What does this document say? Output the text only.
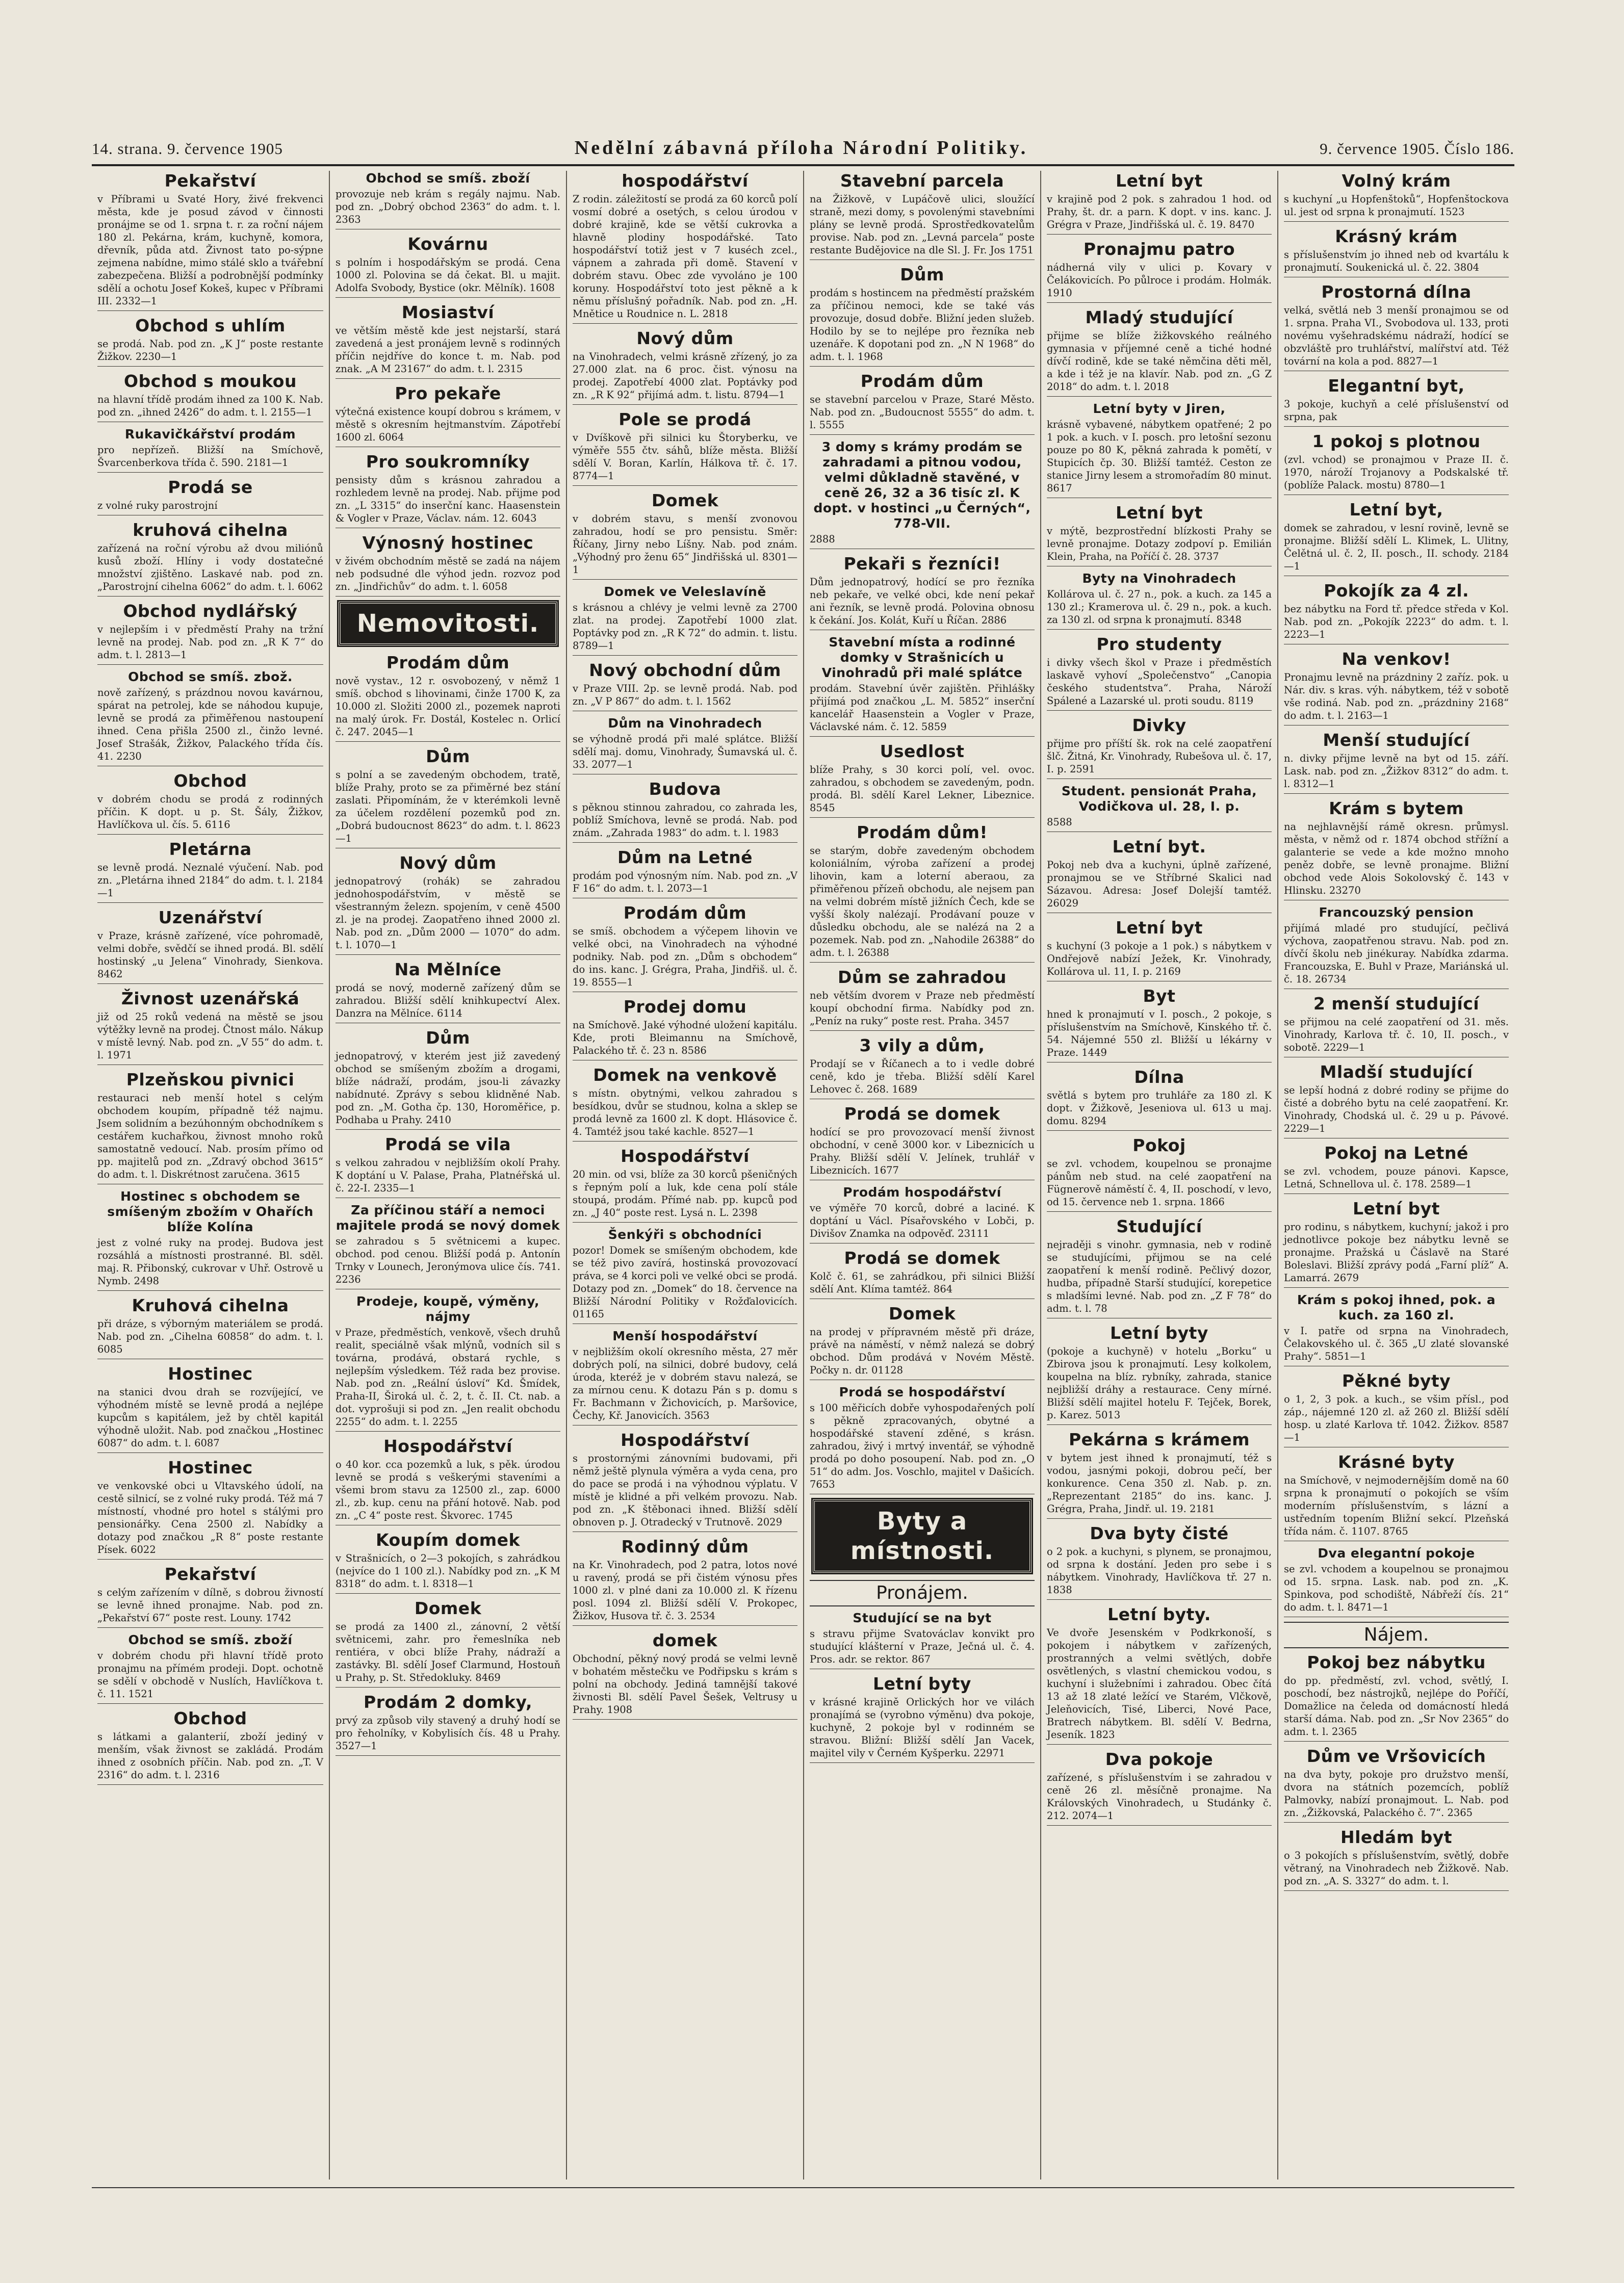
14. strana. 9. července 1905	Nedělní zábavná příloha Národní Politiky.	9. července 1905. Číslo 186.
Pekařství

v Příbrami u Svaté Hory, živé frekvenci města, kde je posud závod v činnosti pronájme se od 1. srpna t. r. za roční nájem 180 zl. Pekárna, krám, kuchyně, komora, dřevník, půda atd. Živnost tato po-sýpne zejmena nabídne, mimo stálé sklo a tvářební zabezpečena. Bližší a podrobnější podmínky sdělí a ochotu Josef Kokeš, kupec v Příbrami III. 2332—1

Obchod s uhlím

se prodá. Nab. pod zn. „K J“ poste restante Žižkov. 2230—1

Obchod s moukou

na hlavní třídě prodám ihned za 100 K. Nab. pod zn. „ihned 2426“ do adm. t. l. 2155—1

Rukavičkářství prodám

pro nepřízeň. Bližší na Smíchově, Švarcenberkova třída č. 590. 2181—1

Prodá se

z volné ruky parostrojní

kruhová cihelna

zařízená na roční výrobu až dvou miliónů kusů zboží. Hlíny i vody dostatečné množství zjištěno. Laskavé nab. pod zn. „Parostrojní cihelna 6062“ do adm. t. l. 6062

Obchod nydlářský

v nejlepším i v předměstí Prahy na tržní levně na prodej. Nab. pod zn. „R K 7“ do adm. t. l. 2813—1

Obchod se smíš. zbož.

nově zařízený, s prázdnou novou kavárnou, spárat na petrolej, kde se náhodou kupuje, levně se prodá za přiměřenou nastoupení ihned. Cena přišla 2500 zl., činžo levné. Josef Strašák, Žižkov, Palackého třída čís. 41. 2230

Obchod

v dobrém chodu se prodá z rodinných příčin. K dopt. u p. St. Šály, Žižkov, Havlíčkova ul. čís. 5. 6116

Pletárna

se levně prodá. Neznalé výučení. Nab. pod zn. „Pletárna ihned 2184“ do adm. t. l. 2184—1

Uzenářství

v Praze, krásně zařízené, více pohromadě, velmi dobře, svědčí se ihned prodá. Bl. sdělí hostinský „u Jelena“ Vinohrady, Sienkova. 8462

Živnost uzenářská

již od 25 roků vedená na městě se jsou výtěžky levně na prodej. Čtnost málo. Nákup v místě levný. Nab. pod zn. „V 55“ do adm. t. l. 1971

Plzeňskou pivnici

restauraci neb menší hotel s celým obchodem koupím, případně též najmu. Jsem solidním a bezúhonným obchodníkem s cestářem kuchařkou, živnost mnoho roků samostatně vedoucí. Nab. prosím přímo od pp. majitelů pod zn. „Zdravý obchod 3615“ do adm. t. l. Diskrétnost zaručena. 3615

Hostinec s obchodem se smíšeným zbožím v Ohařích blíže Kolína

jest z volné ruky na prodej. Budova jest rozsáhlá a místnosti prostranné. Bl. sděl. maj. R. Přibonský, cukrovar v Uhř. Ostrově u Nymb. 2498

Kruhová cihelna

při dráze, s výborným materiálem se prodá. Nab. pod zn. „Cihelna 60858“ do adm. t. l. 6085

Hostinec

na stanici dvou drah se rozvíjející, ve výhodném místě se levně prodá a nejlépe kupcům s kapitálem, jež by chtěl kapitál výhodně uložit. Nab. pod značkou „Hostinec 6087“ do adm. t. l. 6087

Hostinec

ve venkovské obci u Vltavského údolí, na cestě silnicí, se z volné ruky prodá. Též má 7 místností, vhodné pro hotel s stálými pro pensionářky. Cena 2500 zl. Nabídky a dotazy pod značkou „R 8“ poste restante Písek. 6022

Pekařství

s celým zařízením v dílně, s dobrou živností se levně ihned pronajme. Nab. pod zn. „Pekařství 67“ poste rest. Louny. 1742

Obchod se smíš. zboží

v dobrém chodu při hlavní třídě proto pronajmu na přímém prodeji. Dopt. ochotně se sdělí v obchodě v Nuslích, Havlíčkova t. č. 11. 1521

Obchod

s látkami a galanterií, zboží jediný v menším, však živnost se zakládá. Prodám ihned z osobních příčin. Nab. pod zn. „T. V 2316“ do adm. t. l. 2316

Obchod se smíš. zboží

provozuje neb krám s regály najmu. Nab. pod zn. „Dobrý obchod 2363“ do adm. t. l. 2363

Kovárnu

s polním i hospodářským se prodá. Cena 1000 zl. Polovina se dá čekat. Bl. u majit. Adolfa Svobody, Bystice (okr. Mělník). 1608

Mosiaství

ve větším městě kde jest nejstarší, stará zavedená a jest pronájem levně s rodinných příčin nejdříve do konce t. m. Nab. pod znak. „A M 23167“ do adm. t. l. 2315

Pro pekaře

výtečná existence koupí dobrou s krámem, v městě s okresním hejtmanstvím. Zápotřebí 1600 zl. 6064

Pro soukromníky

pensisty dům s krásnou zahradou a rozhledem levně na prodej. Nab. přijme pod zn. „L 3315“ do inserční kanc. Haasenstein & Vogler v Praze, Václav. nám. 12. 6043

Výnosný hostinec

v živém obchodním městě se zadá na nájem neb podsudné dle výhod jedn. rozvoz pod zn. „Jindřichův“ do adm. t. l. 6058

Nemovitosti.
Prodám dům

nově vystav., 12 r. osvobozený, v němž 1 smíš. obchod s lihovinami, činže 1700 K, za 10.000 zl. Složiti 2000 zl., pozemek naproti na malý úrok. Fr. Dostál, Kostelec n. Orlicí č. 247. 2045—1

Dům

s polní a se zavedeným obchodem, tratě, blíže Prahy, proto se za přiměrné bez stání zaslati. Připomínám, že v kterémkoli levně za účelem rozdělení pozemků pod zn. „Dobrá budoucnost 8623“ do adm. t. l. 8623—1

Nový dům

jednopatrový (rohák) se zahradou jednohospodářstvím, v městě se všestranným železn. spojením, v ceně 4500 zl. je na prodej. Zaopatřeno ihned 2000 zl. Nab. pod zn. „Dům 2000 — 1070“ do adm. t. l. 1070—1

Na Mělníce

prodá se nový, moderně zařízený dům se zahradou. Bližší sdělí knihkupectví Alex. Danzra na Mělníce. 6114

Dům

jednopatrový, v kterém jest již zavedený obchod se smíšeným zbožím a drogami, blíže nádraží, prodám, jsou-li závazky nabídnuté. Zprávy s sebou klidněné Nab. pod zn. „M. Gotha čp. 130, Horoměřice, p. Podhaba u Prahy. 2410

Prodá se vila

s velkou zahradou v nejbližším okolí Prahy. K doptání u V. Palase, Praha, Platnéřská ul. č. 22-I. 2335—1

Za příčinou stáří a nemoci majitele prodá se nový domek

se zahradou s 5 světnicemi a kupec. obchod. pod cenou. Bližší podá p. Antonín Trnky v Lounech, Jeronýmova ulice čís. 741. 2236

Prodeje, koupě, výměny, nájmy

v Praze, předměstích, venkově, všech druhů realit, speciálně však mlýnů, vodních sil s továrna, prodává, obstará rychle, s nejlepším výsledkem. Též rada bez provise. Nab. pod zn. „Reální úsloví“ Kd. Šmídek, Praha-II, Široká ul. č. 2, t. č. II. Ct. nab. a dot. vyprošuji si pod zn. „Jen realit obchodu 2255“ do adm. t. l. 2255

Hospodářství

o 40 kor. cca pozemků a luk, s pěk. úrodou levně se prodá s veškerými staveními a všemi brom stavu za 12500 zl., zap. 6000 zl., zb. kup. cenu na přání hotově. Nab. pod zn. „C 4“ poste rest. Škvorec. 1745

Koupím domek

v Strašnicích, o 2—3 pokojích, s zahrádkou (nejvíce do 1 100 zl.). Nabídky pod zn. „K M 8318“ do adm. t. l. 8318—1

Domek

se prodá za 1400 zl., zánovní, 2 větší světnicemi, zahr. pro řemeslníka neb rentiéra, v obci blíže Prahy, nádraží a zastávky. Bl. sdělí Josef Clarmund, Hostouň u Prahy, p. St. Středokluky. 8469

Prodám 2 domky,

prvý za způsob vily stavený a druhý hodí se pro řeholníky, v Kobylisích čís. 48 u Prahy. 3527—1

hospodářství

Z rodin. záležitostí se prodá za 60 korců polí vosmí dobré a osetých, s celou úrodou v dobré krajině, kde se větší cukrovka a hlavně plodiny hospodářské. Tato hospodářství totiž jest v 7 kuséch zcel., vápnem a zahrada při domě. Stavení v dobrém stavu. Obec zde vyvoláno je 100 koruny. Hospodářství toto jest pěkně a k němu příslušný pořadník. Nab. pod zn. „H. Mnětice u Roudnice n. L. 2818

Nový dům

na Vinohradech, velmi krásně zřízený, jo za 27.000 zlat. na 6 proc. čist. výnosu na prodej. Zapotřebí 4000 zlat. Poptávky pod zn. „R K 92“ přijímá adm. t. listu. 8794—1

Pole se prodá

v Dvíškově při silnici ku Štoryberku, ve výměře 555 čtv. sáhů, blíže města. Bližší sdělí V. Boran, Karlín, Hálkova tř. č. 17. 8774—1

Domek

v dobrém stavu, s menší zvonovou zahradou, hodí se pro pensistu. Směr: Říčany, Jirny nebo Líšny. Nab. pod znám. „Výhodný pro ženu 65“ Jindřišská ul. 8301—1

Domek ve Veleslavíně

s krásnou a chlévy je velmi levně za 2700 zlat. na prodej. Zapotřebí 1000 zlat. Poptávky pod zn. „R K 72“ do admin. t. listu. 8789—1

Nový obchodní dům

v Praze VIII. 2p. se levně prodá. Nab. pod zn. „V P 867“ do adm. t. l. 1562

Dům na Vinohradech

se výhodně prodá při malé splátce. Bližší sdělí maj. domu, Vinohrady, Šumavská ul. č. 33. 2077—1

Budova

s pěknou stinnou zahradou, co zahrada les, poblíž Smíchova, levně se prodá. Nab. pod znám. „Zahrada 1983“ do adm. t. l. 1983

Dům na Letné

prodám pod výnosným ním. Nab. pod zn. „V F 16“ do adm. t. l. 2073—1

Prodám dům

se smíš. obchodem a výčepem lihovin ve velké obci, na Vinohradech na výhodné podniky. Nab. pod zn. „Dům s obchodem“ do ins. kanc. J. Grégra, Praha, Jindřiš. ul. č. 19. 8555—1

Prodej domu

na Smíchově. Jaké výhodné uložení kapitálu. Kde, proti Bleimannu na Smíchově, Palackého tř. č. 23 n. 8586

Domek na venkově

s místn. obytnými, velkou zahradou s besídkou, dvůr se studnou, kolna a sklep se prodá levně za 1600 zl. K dopt. Hlásovice č. 4. Tamtéž jsou také kachle. 8527—1

Hospodářství

20 min. od vsi, blíže za 30 korců pšeničných s řepným polí a luk, kde cena polí stále stoupá, prodám. Přímé nab. pp. kupců pod zn. „J 40“ poste rest. Lysá n. L. 2398

Šenkýři s obchodníci

pozor! Domek se smíšeným obchodem, kde se též pivo zavírá, hostinská provozovací práva, se 4 korci poli ve velké obci se prodá. Dotazy pod zn. „Domek“ do 18. července na Bližší Národní Politiky v Rožďalovicích. 01165

Menší hospodářství

v nejbližším okolí okresního města, 27 měr dobrých polí, na silnici, dobré budovy, celá úroda, kteréž je v dobrém stavu nalezá, se za mírnou cenu. K dotazu Pán s p. domu s Fr. Bachmann v Žichovicích, p. Maršovice, Čechy, Kř. Janovicích. 3563

Hospodářství

s prostornými zánovními budovami, při němž ještě plynula výměra a vyda cena, pro do pace se prodá i na výhodnou výplatu. V místě je klidné a při velkém provozu. Nab. pod zn. „K štěbonaci ihned. Bližší sdělí obnoven p. J. Otradecký v Trutnově. 2029

Rodinný dům

na Kr. Vinohradech, pod 2 patra, lotos nové u ravený, prodá se při čistém výnosu přes 1000 zl. v plné dani za 10.000 zl. K řízenu posl. 1094 zl. Bližší sdělí V. Prokopec, Žižkov, Husova tř. č. 3. 2534

domek

Obchodní, pěkný nový prodá se velmi levně v bohatém městečku ve Podřipsku s krám s polní na obchody. Jediná tamnější takové živnosti Bl. sdělí Pavel Šešek, Veltrusy u Prahy. 1908

Stavební parcela

na Žižkově, v Lupáčově ulici, sloužící straně, mezi domy, s povolenými stavebními plány se levně prodá. Sprostředkovatelům provise. Nab. pod zn. „Levná parcela“ poste restante Budějovice na dle Sl. J. Fr. Jos 1751

Dům

prodám s hostincem na předměstí pražském za příčinou nemoci, kde se také vás provozuje, dosud dobře. Bližní jeden služeb. Hodilo by se to nejlépe pro řezníka neb uzenáře. K dopotani pod zn. „N N 1968“ do adm. t. l. 1968

Prodám dům

se stavební parcelou v Praze, Staré Město. Nab. pod zn. „Budoucnost 5555“ do adm. t. l. 5555

3 domy s krámy prodám se zahradami a pitnou vodou, velmi důkladně stavěné, v ceně 26, 32 a 36 tisíc zl. K dopt. v hostinci „u Černých“, 778-VII.

2888

Pekaři s řezníci!

Dům jednopatrový, hodící se pro řezníka neb pekaře, ve velké obci, kde není pekař ani řezník, se levně prodá. Polovina obnosu k čekání. Jos. Kolát, Kuří u Říčan. 2886

Stavební místa a rodinné domky v Strašnicích u Vinohradů při malé splátce

prodám. Stavební úvěr zajištěn. Přihlášky přijímá pod značkou „L. M. 5852“ inserční kancelář Haasenstein a Vogler v Praze, Václavské nám. č. 12. 5859

Usedlost

blíže Prahy, s 30 korci polí, vel. ovoc. zahradou, s obchodem se zavedeným, podn. prodá. Bl. sdělí Karel Lekner, Libeznice. 8545

Prodám dům!

se starým, dobře zavedeným obchodem koloniálním, výroba zařízení a prodej lihovin, kam a loterní aberaou, za přiměřenou přízeň obchodu, ale nejsem pan na velmi dobrém místě jižních Čech, kde se vyšší školy nalézají. Prodávaní pouze v důsledku obchodu, ale se nalézá na 2 a pozemek. Nab. pod zn. „Nahodile 26388“ do adm. t. l. 26388

Dům se zahradou

neb větším dvorem v Praze neb předměstí koupí obchodní firma. Nabídky pod zn. „Peníz na ruky“ poste rest. Praha. 3457

3 vily a dům,

Prodají se v Říčanech a to i vedle dobré ceně, kdo je třeba. Bližší sdělí Karel Lehovec č. 268. 1689

Prodá se domek

hodící se pro provozovací menší živnost obchodní, v ceně 3000 kor. v Libeznicích u Prahy. Bližší sdělí V. Jelínek, truhlář v Libeznicích. 1677

Prodám hospodářství

ve výměře 70 korců, dobré a laciné. K doptání u Václ. Písařovského v Lobči, p. Divišov Znamka na odpověď. 23111

Prodá se domek

Kolč č. 61, se zahrádkou, při silnici Bližší sdělí Ant. Klíma tamtéž. 864

Domek

na prodej v přípravném městě při dráze, právě na náměstí, v němž nalezá se dobrý obchod. Dům prodává v Novém Městě. Počky n. dr. 01128

Prodá se hospodářství

s 100 měřicích dobře vyhospodařených polí s pěkně zpracovaných, obytné a hospodářské stavení zděné, s krásn. zahradou, živý i mrtvý inventář, se výhodně prodá po doho posoupení. Nab. pod zn. „O 51“ do adm. Jos. Voschlo, majitel v Dašicích. 7653

Byty a místnosti.
Pronájem.
Studující se na byt

s stravu přijme Svatováclav konvikt pro studující klášterní v Praze, Ječná ul. č. 4. Pros. adr. se rektor. 867

Letní byty

v krásné krajině Orlických hor ve vilách pronajímá se (vyrobno výměnu) dva pokoje, kuchyně, 2 pokoje byl v rodinném se stravou. Bližní: Bližší sdělí Jan Vacek, majitel vily v Černém Kyšperku. 22971

Letní byt

v krajině pod 2 pok. s zahradou 1 hod. od Prahy, št. dr. a parn. K dopt. v ins. kanc. J. Grégra v Praze, Jindřišská ul. č. 19. 8470

Pronajmu patro

nádherná vily v ulici p. Kovary v Čelákovicích. Po půlroce i prodám. Holmák. 1910

Mladý studující

přijme se blíže žižkovského reálného gymnasia v příjemné ceně a tiché hodné dívčí rodině, kde se také němčina děti měl, a kde i též je na klavír. Nab. pod zn. „G Z 2018“ do adm. t. l. 2018

Letní byty v Jiren,

krásně vybavené, nábytkem opatřené; 2 po 1 pok. a kuch. v I. posch. pro letošní sezonu pouze po 80 K, pěkná zahrada k pomětí, v Stupicích čp. 30. Bližší tamtéž. Ceston ze stanice Jirny lesem a stromořadím 80 minut. 8617

Letní byt

v mýtě, bezprostřední blízkosti Prahy se levně pronajme. Dotazy zodpoví p. Emilián Klein, Praha, na Poříčí č. 28. 3737

Byty na Vinohradech

Kollárova ul. č. 27 n., pok. a kuch. za 145 a 130 zl.; Kramerova ul. č. 29 n., pok. a kuch. za 130 zl. od srpna k pronajmutí. 8348

Pro studenty

i divky všech škol v Praze i předměstích laskavě vyhoví „Společenstvo“ „Canopia českého studentstva“. Praha, Nároží Spálené a Lazarské ul. proti soudu. 8119

Divky

přijme pro příští šk. rok na celé zaopatření šlč. Žitná, Kr. Vinohrady, Rubešova ul. č. 17, I. p. 2591

Student. pensionát Praha, Vodičkova ul. 28, I. p.

8588

Letní byt.

Pokoj neb dva a kuchyni, úplně zařízené, pronajmou se ve Stříbrné Skalici nad Sázavou. Adresa: Josef Dolejší tamtéž. 26029

Letní byt

s kuchyní (3 pokoje a 1 pok.) s nábytkem v Ondřejově nabízí Ježek, Kr. Vinohrady, Kollárova ul. 11, I. p. 2169

Byt

hned k pronajmutí v I. posch., 2 pokoje, s příslušenstvím na Smíchově, Kinského tř. č. 54. Nájemné 550 zl. Bližší u lékárny v Praze. 1449

Dílna

světlá s bytem pro truhláře za 180 zl. K dopt. v Žižkově, Jeseniova ul. 613 u maj. domu. 8294

Pokoj

se zvl. vchodem, koupelnou se pronajme pánům neb stud. na celé zaopatření na Fügnerově náměstí č. 4, II. poschodí, v levo, od 15. července neb 1. srpna. 1866

Studující

nejraději s vinohr. gymnasia, neb v rodině se studujícími, přijmou se na celé zaopatření k menší rodině. Pečlivý dozor, hudba, případně Starší studující, korepetice s mladšími levné. Nab. pod zn. „Z F 78“ do adm. t. l. 78

Letní byty

(pokoje a kuchyně) v hotelu „Borku“ u Zbirova jsou k pronajmutí. Lesy kolkolem, koupelna na blíz. rybníky, zahrada, stanice nejbližší dráhy a restaurace. Ceny mírné. Bližší sdělí majitel hotelu F. Tejček, Borek, p. Karez. 5013

Pekárna s krámem

v bytem jest ihned k pronajmutí, též s vodou, jasnými pokoji, dobrou pečí, ber konkurence. Cena 350 zl. Nab. p. zn. „Reprezentant 2185“ do ins. kanc. J. Grégra, Praha, Jindř. ul. 19. 2181

Dva byty čisté

o 2 pok. a kuchyni, s plynem, se pronajmou, od srpna k dostání. Jeden pro sebe i s nábytkem. Vinohrady, Havlíčkova tř. 27 n. 1838

Letní byty.

Ve dvoře Jesenském v Podkrkonoší, s pokojem i nábytkem v zařízených, prostranných a velmi světlých, dobře osvětlených, s vlastní chemickou vodou, s kuchyní i služebními i zahradou. Obec čítá 13 až 18 zlaté ležící ve Starém, Vlčkově, Jeleňovicích, Tisé, Liberci, Nové Pace, Bratrech nábytkem. Bl. sdělí V. Bedrna, Jeseník. 1823

Dva pokoje

zařízené, s příslušenstvím i se zahradou v ceně 26 zl. měsíčně pronajme. Na Královských Vinohradech, u Studánky č. 212. 2074—1

Volný krám

s kuchyní „u Hopfenštoků“, Hopfenštockova ul. jest od srpna k pronajmutí. 1523

Krásný krám

s příslušenstvím jo ihned neb od kvartálu k pronajmutí. Soukenická ul. č. 22. 3804

Prostorná dílna

velká, světlá neb 3 menší pronajmou se od 1. srpna. Praha VI., Svobodova ul. 133, proti novému vyšehradskému nádraží, hodící se obzvláště pro truhlářství, malířství atd. Též tovární na kola a pod. 8827—1

Elegantní byt,

3 pokoje, kuchyň a celé příslušenství od srpna, pak

1 pokoj s plotnou

(zvl. vchod) se pronajmou v Praze II. č. 1970, nároží Trojanovy a Podskalské tř. (poblíže Palack. mostu) 8780—1

Letní byt,

domek se zahradou, v lesní rovině, levně se pronajme. Bližší sdělí L. Klimek, L. Ulitny, Čelětná ul. č. 2, II. posch., II. schody. 2184—1

Pokojík za 4 zl.

bez nábytku na Ford tř. předce středa v Kol. Nab. pod zn. „Pokojík 2223“ do adm. t. l. 2223—1

Na venkov!

Pronajmu levně na prázdniny 2 zaříz. pok. u Nár. div. s kras. výh. nábytkem, též v sobotě vše rodiná. Nab. pod zn. „prázdniny 2168“ do adm. t. l. 2163—1

Menší studující

n. divky přijme levně na byt od 15. září. Lask. nab. pod zn. „Žižkov 8312“ do adm. t. l. 8312—1

Krám s bytem

na nejhlavnější rámě okresn. průmysl. města, v němž od r. 1874 obchod střížní a galanterie se vede a kde možno mnoho peněz dobře, se levně pronajme. Bližní obchod vede Alois Sokolovský č. 143 v Hlinsku. 23270

Francouzský pension

přijímá mladé pro studující, pečlivá výchova, zaopatřenou stravu. Nab. pod zn. dívčí školu neb jinékuray. Nabídka zdarma. Francouzska, E. Buhl v Praze, Mariánská ul. č. 18. 26734

2 menší studující

se přijmou na celé zaopatření od 31. měs. Vinohrady, Karlova tř. č. 10, II. posch., v sobotě. 2229—1

Mladší studující

se lepší hodná z dobré rodiny se přijme do čisté a dobrého bytu na celé zaopatření. Kr. Vinohrady, Chodská ul. č. 29 u p. Pávové. 2229—1

Pokoj na Letné

se zvl. vchodem, pouze pánovi. Kapsce, Letná, Schnellova ul. č. 178. 2589—1

Letní byt

pro rodinu, s nábytkem, kuchyní; jakož i pro jednotlivce pokoje bez nábytku levně se pronajme. Pražská u Čáslavě na Staré Boleslavi. Bližší zprávy podá „Farní plíž“ A. Lamarrá. 2679

Krám s pokoj ihned, pok. a kuch. za 160 zl.

v I. patře od srpna na Vinohradech, Čelakovského ul. č. 365 „U zlaté slovanské Prahy“. 5851—1

Pěkné byty

o 1, 2, 3 pok. a kuch., se všim přísl., pod záp., nájemné 120 zl. až 260 zl. Bližší sdělí hosp. u zlaté Karlova tř. 1042. Žižkov. 8587—1

Krásné byty

na Smíchově, v nejmodernějším domě na 60 srpna k pronajmutí o pokojích se vším moderním příslušenstvím, s lázní a ustředním topením Bližní sekcí. Plzeňská třída nám. č. 1107. 8765

Dva elegantní pokoje

se zvl. vchodem a koupelnou se pronajmou od 15. srpna. Lask. nab. pod zn. „K. Spinkova, pod schodiště, Nábřeží čís. 21“ do adm. t. l. 8471—1

Nájem.
Pokoj bez nábytku

do pp. předměstí, zvl. vchod, světlý, I. poschodí, bez nástrojků, nejlépe do Poříčí, Domažlice na čeleda od domácností hledá starší dáma. Nab. pod zn. „Sr Nov 2365“ do adm. t. l. 2365

Dům ve Vršovicích

na dva byty, pokoje pro družstvo menší, dvora na státních pozemcích, poblíž Palmovky, nabízí pronajmout. L. Nab. pod zn. „Žižkovská, Palackého č. 7“. 2365

Hledám byt

o 3 pokojích s příslušenstvím, světlý, dobře větraný, na Vinohradech neb Žižkově. Nab. pod zn. „A. S. 3327“ do adm. t. l.
